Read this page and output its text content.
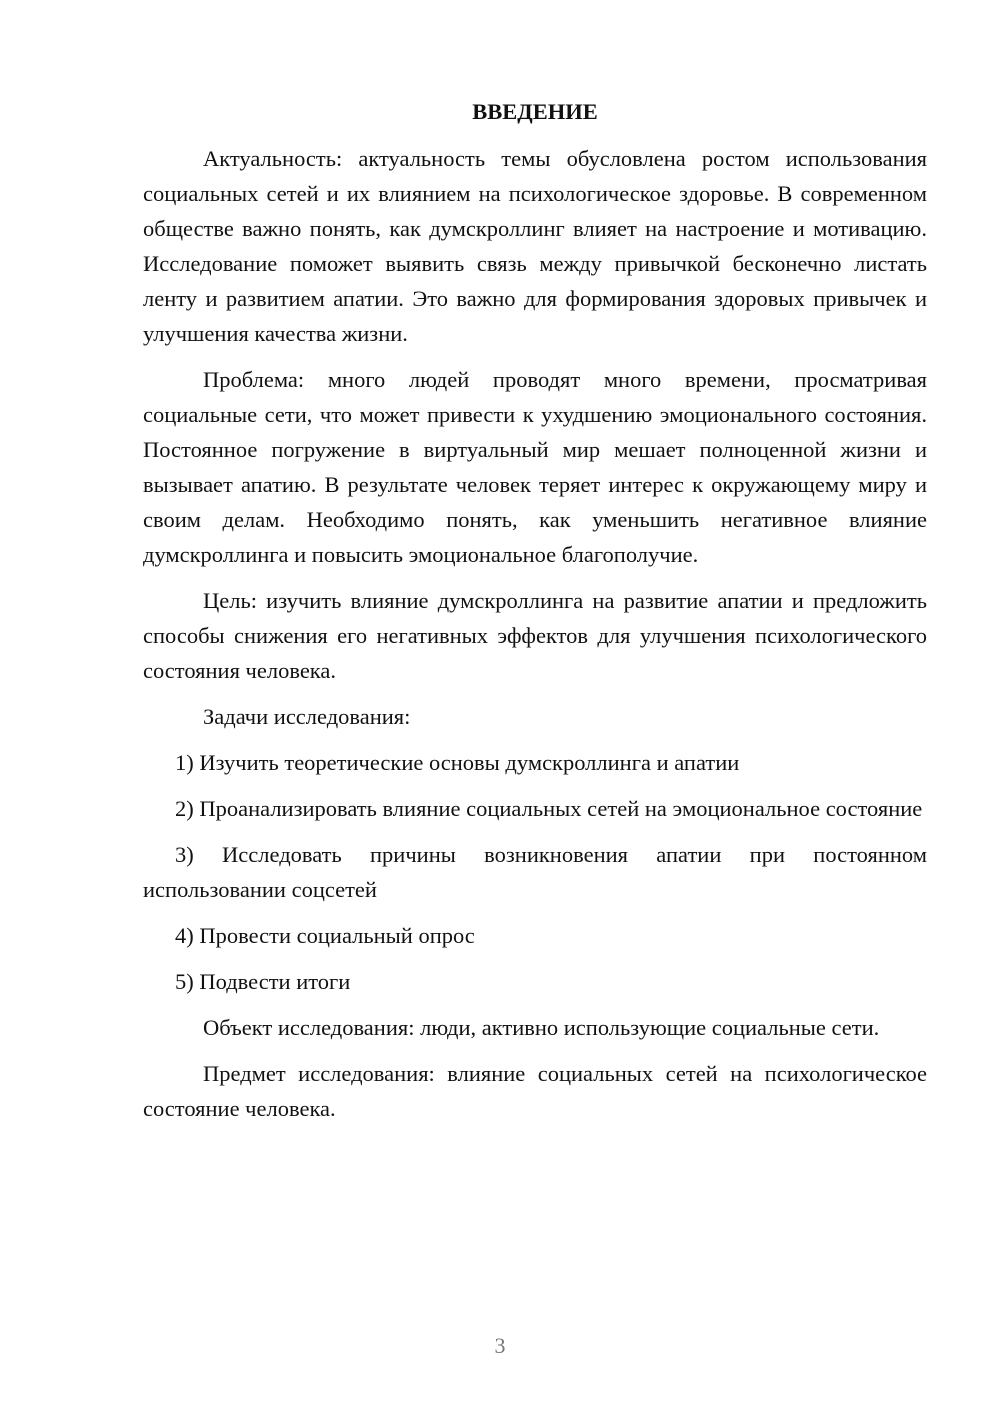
ВВЕДЕНИЕ

Актуальность: актуальность темы обусловлена ростом использования социальных сетей и их влиянием на психологическое здоровье. В современном обществе важно понять, как думскроллинг влияет на настроение и мотивацию. Исследование поможет выявить связь между привычкой бесконечно листать ленту и развитием апатии. Это важно для формирования здоровых привычек и улучшения качества жизни.

Проблема: много людей проводят много времени, просматривая социальные сети, что может привести к ухудшению эмоционального состояния. Постоянное погружение в виртуальный мир мешает полноценной жизни и вызывает апатию. В результате человек теряет интерес к окружающему миру и своим делам. Необходимо понять, как уменьшить негативное влияние думскроллинга и повысить эмоциональное благополучие.

Цель: изучить влияние думскроллинга на развитие апатии и предложить способы снижения его негативных эффектов для улучшения психологического состояния человека.

Задачи исследования:

1) Изучить теоретические основы думскроллинга и апатии

2) Проанализировать влияние социальных сетей на эмоциональное состояние

3) Исследовать причины возникновения апатии при постоянном использовании соцсетей

4) Провести социальный опрос

5) Подвести итоги

Объект исследования: люди, активно использующие социальные сети.

Предмет исследования: влияние социальных сетей на психологическое состояние человека.

3
